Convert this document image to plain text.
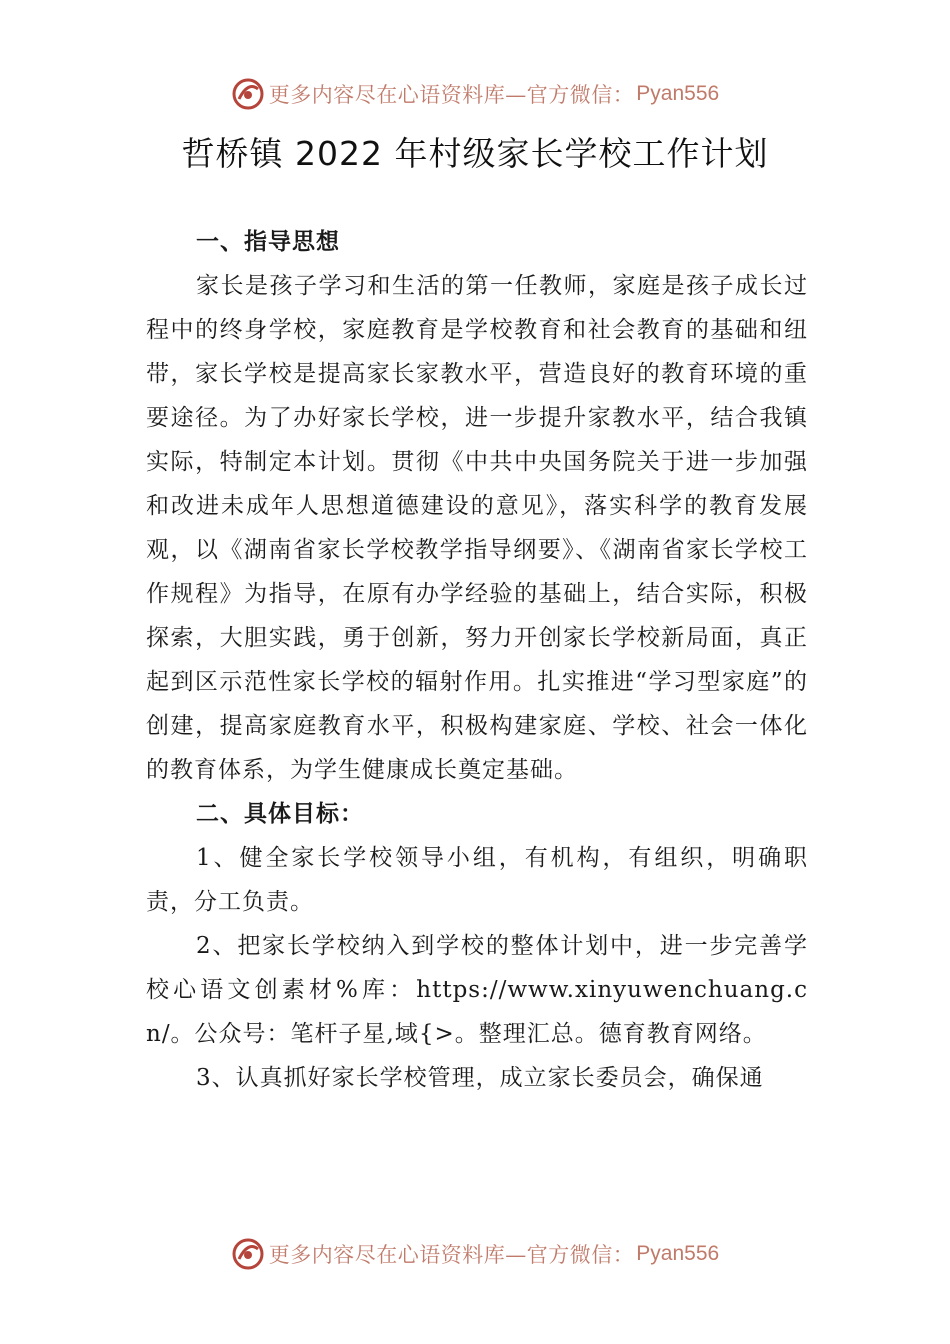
更多内容尽在心语资料库—官方微信： Pyan556
哲桥镇 2022 年村级家长学校工作计划

一、指导思想

家长是孩子学习和生活的第一任教师，家庭是孩子成长过程中的终身学校，家庭教育是学校教育和社会教育的基础和纽带，家长学校是提高家长家教水平，营造良好的教育环境的重要途径。为了办好家长学校，进一步提升家教水平，结合我镇实际，特制定本计划。贯彻《中共中央国务院关于进一步加强和改进未成年人思想道德建设的意见》，落实科学的教育发展观，以《湖南省家长学校教学指导纲要》、《湖南省家长学校工作规程》为指导，在原有办学经验的基础上，结合实际，积极探索，大胆实践，勇于创新，努力开创家长学校新局面，真正起到区示范性家长学校的辐射作用。扎实推进“学习型家庭”的创建，提高家庭教育水平，积极构建家庭、学校、社会一体化的教育体系，为学生健康成长奠定基础。

二、具体目标：

1、健全家长学校领导小组，有机构，有组织，明确职责，分工负责。

2、把家长学校纳入到学校的整体计划中，进一步完善学校心语文创素材%库：https://www.xinyuwenchuang.cn/。公众号：笔杆子星,域{>。整理汇总。德育教育网络。

3、认真抓好家长学校管理，成立家长委员会，确保通

更多内容尽在心语资料库—官方微信： Pyan556
